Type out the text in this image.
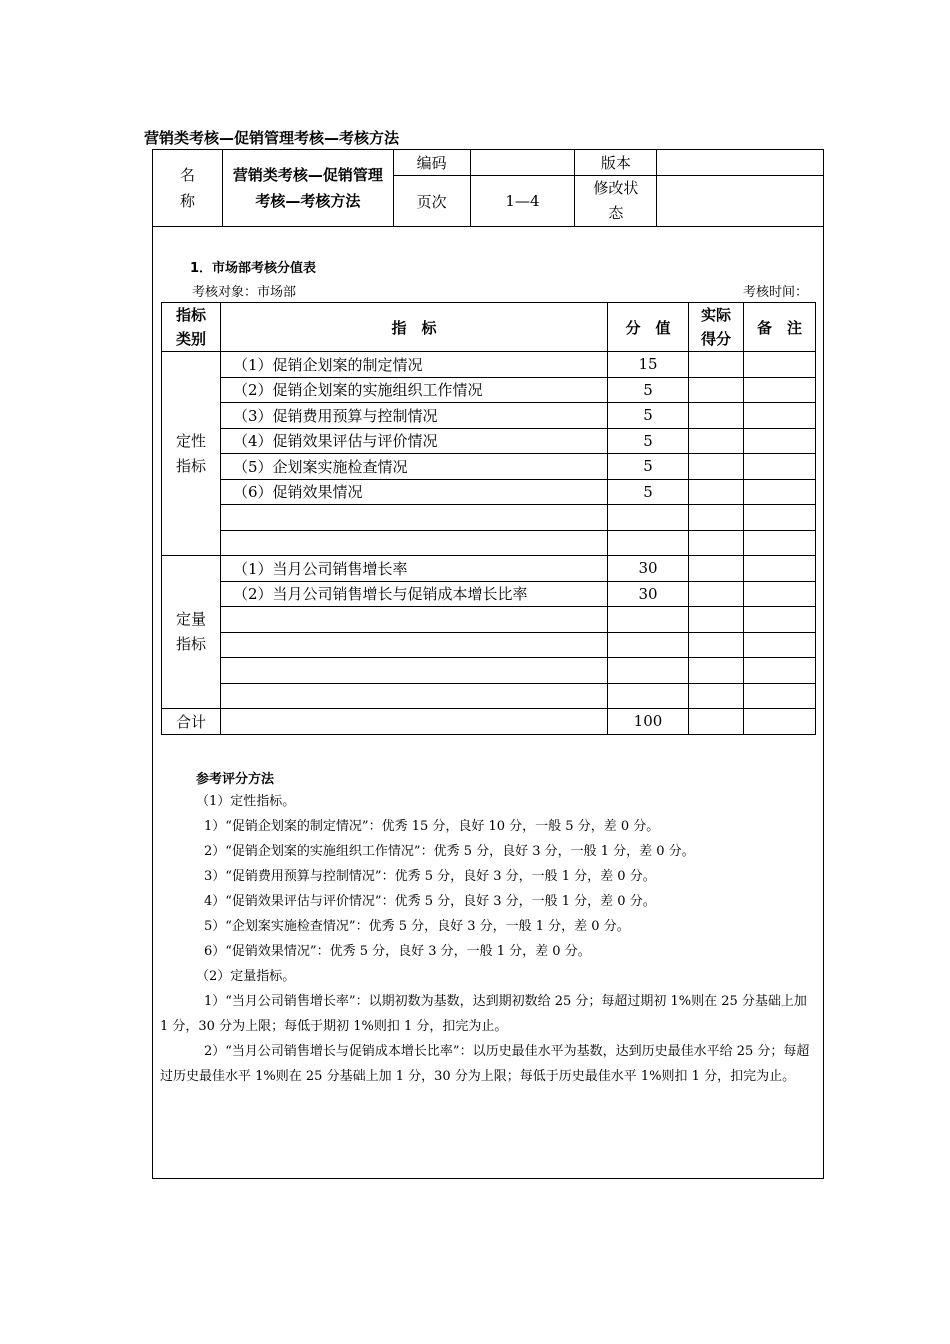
营销类考核—促销管理考核—考核方法
名称	营销类考核—促销管理考核—考核方法	编码		版本	
		页次	1—4	修改状态	
1．市场部考核分值表
考核对象：市场部	考核时间：
指标类别	指　标	分　值	实际得分	备　注
定性指标	（1）促销企划案的制定情况	15		
	（2）促销企划案的实施组织工作情况	5		
	（3）促销费用预算与控制情况	5		
	（4）促销效果评估与评价情况	5		
	（5）企划案实施检查情况	5		
	（6）促销效果情况	5		

定量指标	（1）当月公司销售增长率	30		
	（2）当月公司销售增长与促销成本增长比率	30		

合计		100		
参考评分方法
（1）定性指标。
1）“促销企划案的制定情况”：优秀 15 分，良好 10 分，一般 5 分，差 0 分。
2）“促销企划案的实施组织工作情况”：优秀 5 分，良好 3 分，一般 1 分，差 0 分。
3）“促销费用预算与控制情况”：优秀 5 分，良好 3 分，一般 1 分，差 0 分。
4）“促销效果评估与评价情况”：优秀 5 分，良好 3 分，一般 1 分，差 0 分。
5）“企划案实施检查情况”：优秀 5 分，良好 3 分，一般 1 分，差 0 分。
6）“促销效果情况”：优秀 5 分，良好 3 分，一般 1 分，差 0 分。
（2）定量指标。
1）“当月公司销售增长率”：以期初数为基数，达到期初数给 25 分；每超过期初 1%则在 25 分基础上加 1 分，30 分为上限；每低于期初 1%则扣 1 分，扣完为止。
2）“当月公司销售增长与促销成本增长比率”：以历史最佳水平为基数，达到历史最佳水平给 25 分；每超过历史最佳水平 1%则在 25 分基础上加 1 分，30 分为上限；每低于历史最佳水平 1%则扣 1 分，扣完为止。
